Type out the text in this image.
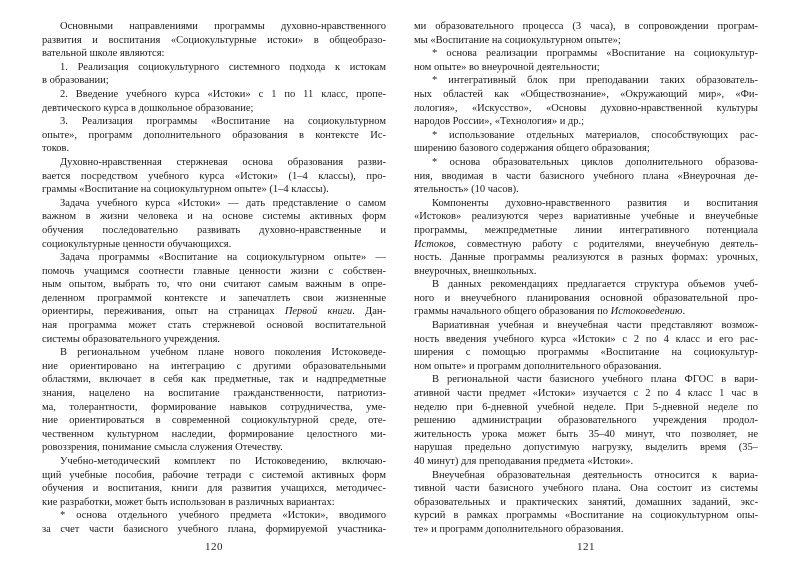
Основными направлениями программы духовно-нравственного
развития и воспитания «Социокультурные истоки» в общеобразо-
вательной школе являются:
1. Реализация социокультурного системного подхода к истокам
в образовании;
2. Введение учебного курса «Истоки» с 1 по 11 класс, пропе-
девтического курса в дошкольное образование;
3. Реализация программы «Воспитание на социокультурном
опыте», программ дополнительного образования в контексте Ис-
токов.
Духовно-нравственная стержневая основа образования разви-
вается посредством учебного курса «Истоки» (1–4 классы), про-
граммы «Воспитание на социокультурном опыте» (1–4 классы).
Задача учебного курса «Истоки» — дать представление о самом
важном в жизни человека и на основе системы активных форм
обучения последовательно развивать духовно-нравственные и
социокультурные ценности обучающихся.
Задача программы «Воспитание на социокультурном опыте» —
помочь учащимся соотнести главные ценности жизни с собствен-
ным опытом, выбрать то, что они считают самым важным в опре-
деленном программой контексте и запечатлеть свои жизненные
ориентиры, переживания, опыт на страницах Первой книги. Дан-
ная программа может стать стержневой основой воспитательной
системы образовательного учреждения.
В региональном учебном плане нового поколения Истоковеде-
ние ориентировано на интеграцию с другими образовательными
областями, включает в себя как предметные, так и надпредметные
знания, нацелено на воспитание гражданственности, патриотиз-
ма, толерантности, формирование навыков сотрудничества, уме-
ние ориентироваться в современной социокультурной среде, оте-
чественном культурном наследии, формирование целостного ми-
ровоззрения, понимание смысла служения Отечеству.
Учебно-методический комплект по Истоковедению, включаю-
щий учебные пособия, рабочие тетради с системой активных форм
обучения и воспитания, книги для развития учащихся, методичес-
кие разработки, может быть использован в различных вариантах:
* основа отдельного учебного предмета «Истоки», вводимого
за счет части базисного учебного плана, формируемой участника-
120
ми образовательного процесса (3 часа), в сопровождении програм-
мы «Воспитание на социокультурном опыте»;
* основа реализации программы «Воспитание на социокультур-
ном опыте» во внеурочной деятельности;
* интегративный блок при преподавании таких образователь-
ных областей как «Обществознание», «Окружающий мир», «Фи-
лология», «Искусство», «Основы духовно-нравственной культуры
народов России», «Технология» и др.;
* использование отдельных материалов, способствующих рас-
ширению базового содержания общего образования;
* основа образовательных циклов дополнительного образова-
ния, вводимая в части базисного учебного плана «Внеурочная де-
ятельность» (10 часов).
Компоненты духовно-нравственного развития и воспитания
«Истоков» реализуются через вариативные учебные и внеучебные
программы, межпредметные линии интегративного потенциала
Истоков, совместную работу с родителями, внеучебную деятель-
ность. Данные программы реализуются в разных формах: урочных,
внеурочных, внешкольных.
В данных рекомендациях предлагается структура объемов учеб-
ного и внеучебного планирования основной образовательной про-
граммы начального общего образования по Истоковедению.
Вариативная учебная и внеучебная части представляют возмож-
ность введения учебного курса «Истоки» с 2 по 4 класс и его рас-
ширения с помощью программы «Воспитание на социокультур-
ном опыте» и программ дополнительного образования.
В региональной части базисного учебного плана ФГОС в вари-
ативной части предмет «Истоки» изучается с 2 по 4 класс 1 час в
неделю при 6-дневной учебной неделе. При 5-дневной неделе по
решению администрации образовательного учреждения продол-
жительность урока может быть 35–40 минут, что позволяет, не
нарушая предельно допустимую нагрузку, выделить время (35–
40 минут) для преподавания предмета «Истоки».
Внеучебная образовательная деятельность относится к вариа-
тивной части базисного учебного плана. Она состоит из системы
образовательных и практических занятий, домашних заданий, экс-
курсий в рамках программы «Воспитание на социокультурном опы-
те» и программ дополнительного образования.
121
